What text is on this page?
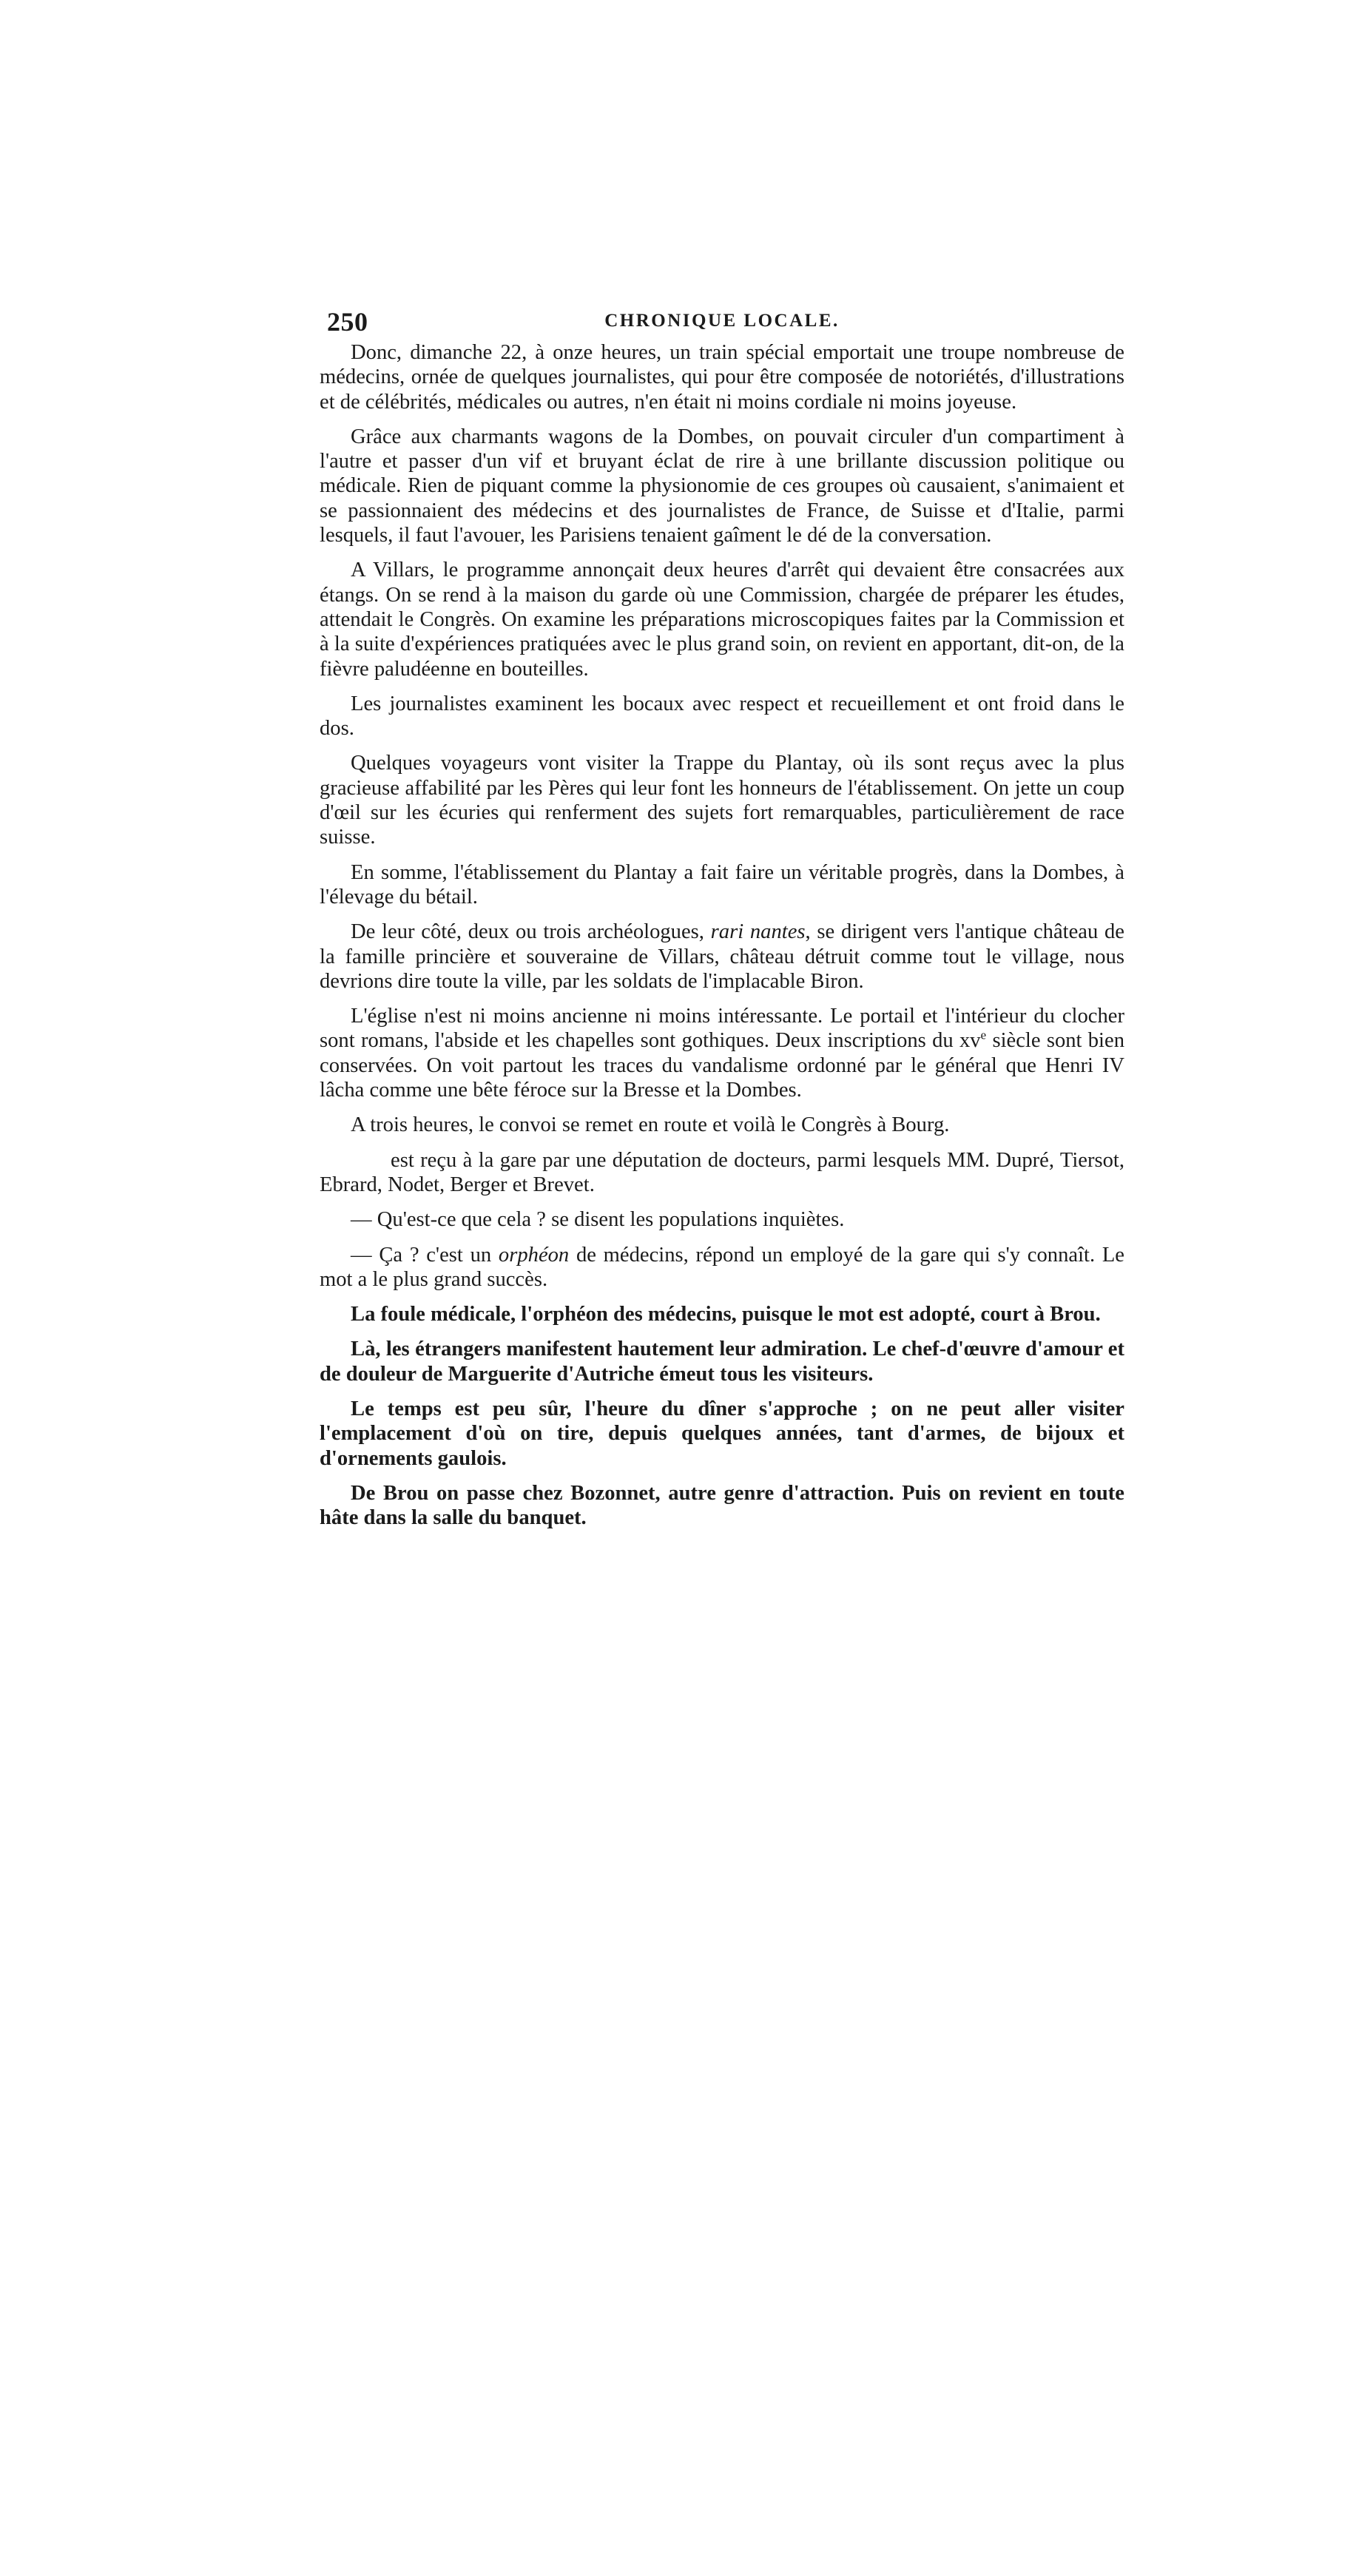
250	CHRONIQUE LOCALE.

Donc, dimanche 22, à onze heures, un train spécial emportait une troupe nombreuse de médecins, ornée de quelques journalistes, qui pour être composée de notoriétés, d'illustrations et de célébrités, médicales ou autres, n'en était ni moins cordiale ni moins joyeuse.

Grâce aux charmants wagons de la Dombes, on pouvait circuler d'un compartiment à l'autre et passer d'un vif et bruyant éclat de rire à une brillante discussion politique ou médicale. Rien de piquant comme la physionomie de ces groupes où causaient, s'animaient et se passionnaient des médecins et des journalistes de France, de Suisse et d'Italie, parmi lesquels, il faut l'avouer, les Parisiens tenaient gaîment le dé de la conversation.

A Villars, le programme annonçait deux heures d'arrêt qui devaient être consacrées aux étangs. On se rend à la maison du garde où une Commission, chargée de préparer les études, attendait le Congrès. On examine les préparations microscopiques faites par la Commission et à la suite d'expériences pratiquées avec le plus grand soin, on revient en apportant, dit-on, de la fièvre paludéenne en bouteilles.

Les journalistes examinent les bocaux avec respect et recueillement et ont froid dans le dos.

Quelques voyageurs vont visiter la Trappe du Plantay, où ils sont reçus avec la plus gracieuse affabilité par les Pères qui leur font les honneurs de l'établissement. On jette un coup d'œil sur les écuries qui renferment des sujets fort remarquables, particulièrement de race suisse.

En somme, l'établissement du Plantay a fait faire un véritable progrès, dans la Dombes, à l'élevage du bétail.

De leur côté, deux ou trois archéologues, rari nantes, se dirigent vers l'antique château de la famille princière et souveraine de Villars, château détruit comme tout le village, nous devrions dire toute la ville, par les soldats de l'implacable Biron.

L'église n'est ni moins ancienne ni moins intéressante. Le portail et l'intérieur du clocher sont romans, l'abside et les chapelles sont gothiques. Deux inscriptions du $xv^e$ siècle sont bien conservées. On voit partout les traces du vandalisme ordonné par le général que Henri IV lâcha comme une bête féroce sur la Bresse et la Dombes.

A trois heures, le convoi se remet en route et voilà le Congrès à Bourg.

est reçu à la gare par une députation de docteurs, parmi lesquels MM. Dupré, Tiersot, Ebrard, Nodet, Berger et Brevet.

— Qu'est-ce que cela ? se disent les populations inquiètes.

— Ça ? c'est un orphéon de médecins, répond un employé de la gare qui s'y connaît. Le mot a le plus grand succès.

La foule médicale, l'orphéon des médecins, puisque le mot est adopté, court à Brou.

Là, les étrangers manifestent hautement leur admiration. Le chef-d'œuvre d'amour et de douleur de Marguerite d'Autriche émeut tous les visiteurs.

Le temps est peu sûr, l'heure du dîner s'approche ; on ne peut aller visiter l'emplacement d'où on tire, depuis quelques années, tant d'armes, de bijoux et d'ornements gaulois.

De Brou on passe chez Bozonnet, autre genre d'attraction. Puis on revient en toute hâte dans la salle du banquet.
